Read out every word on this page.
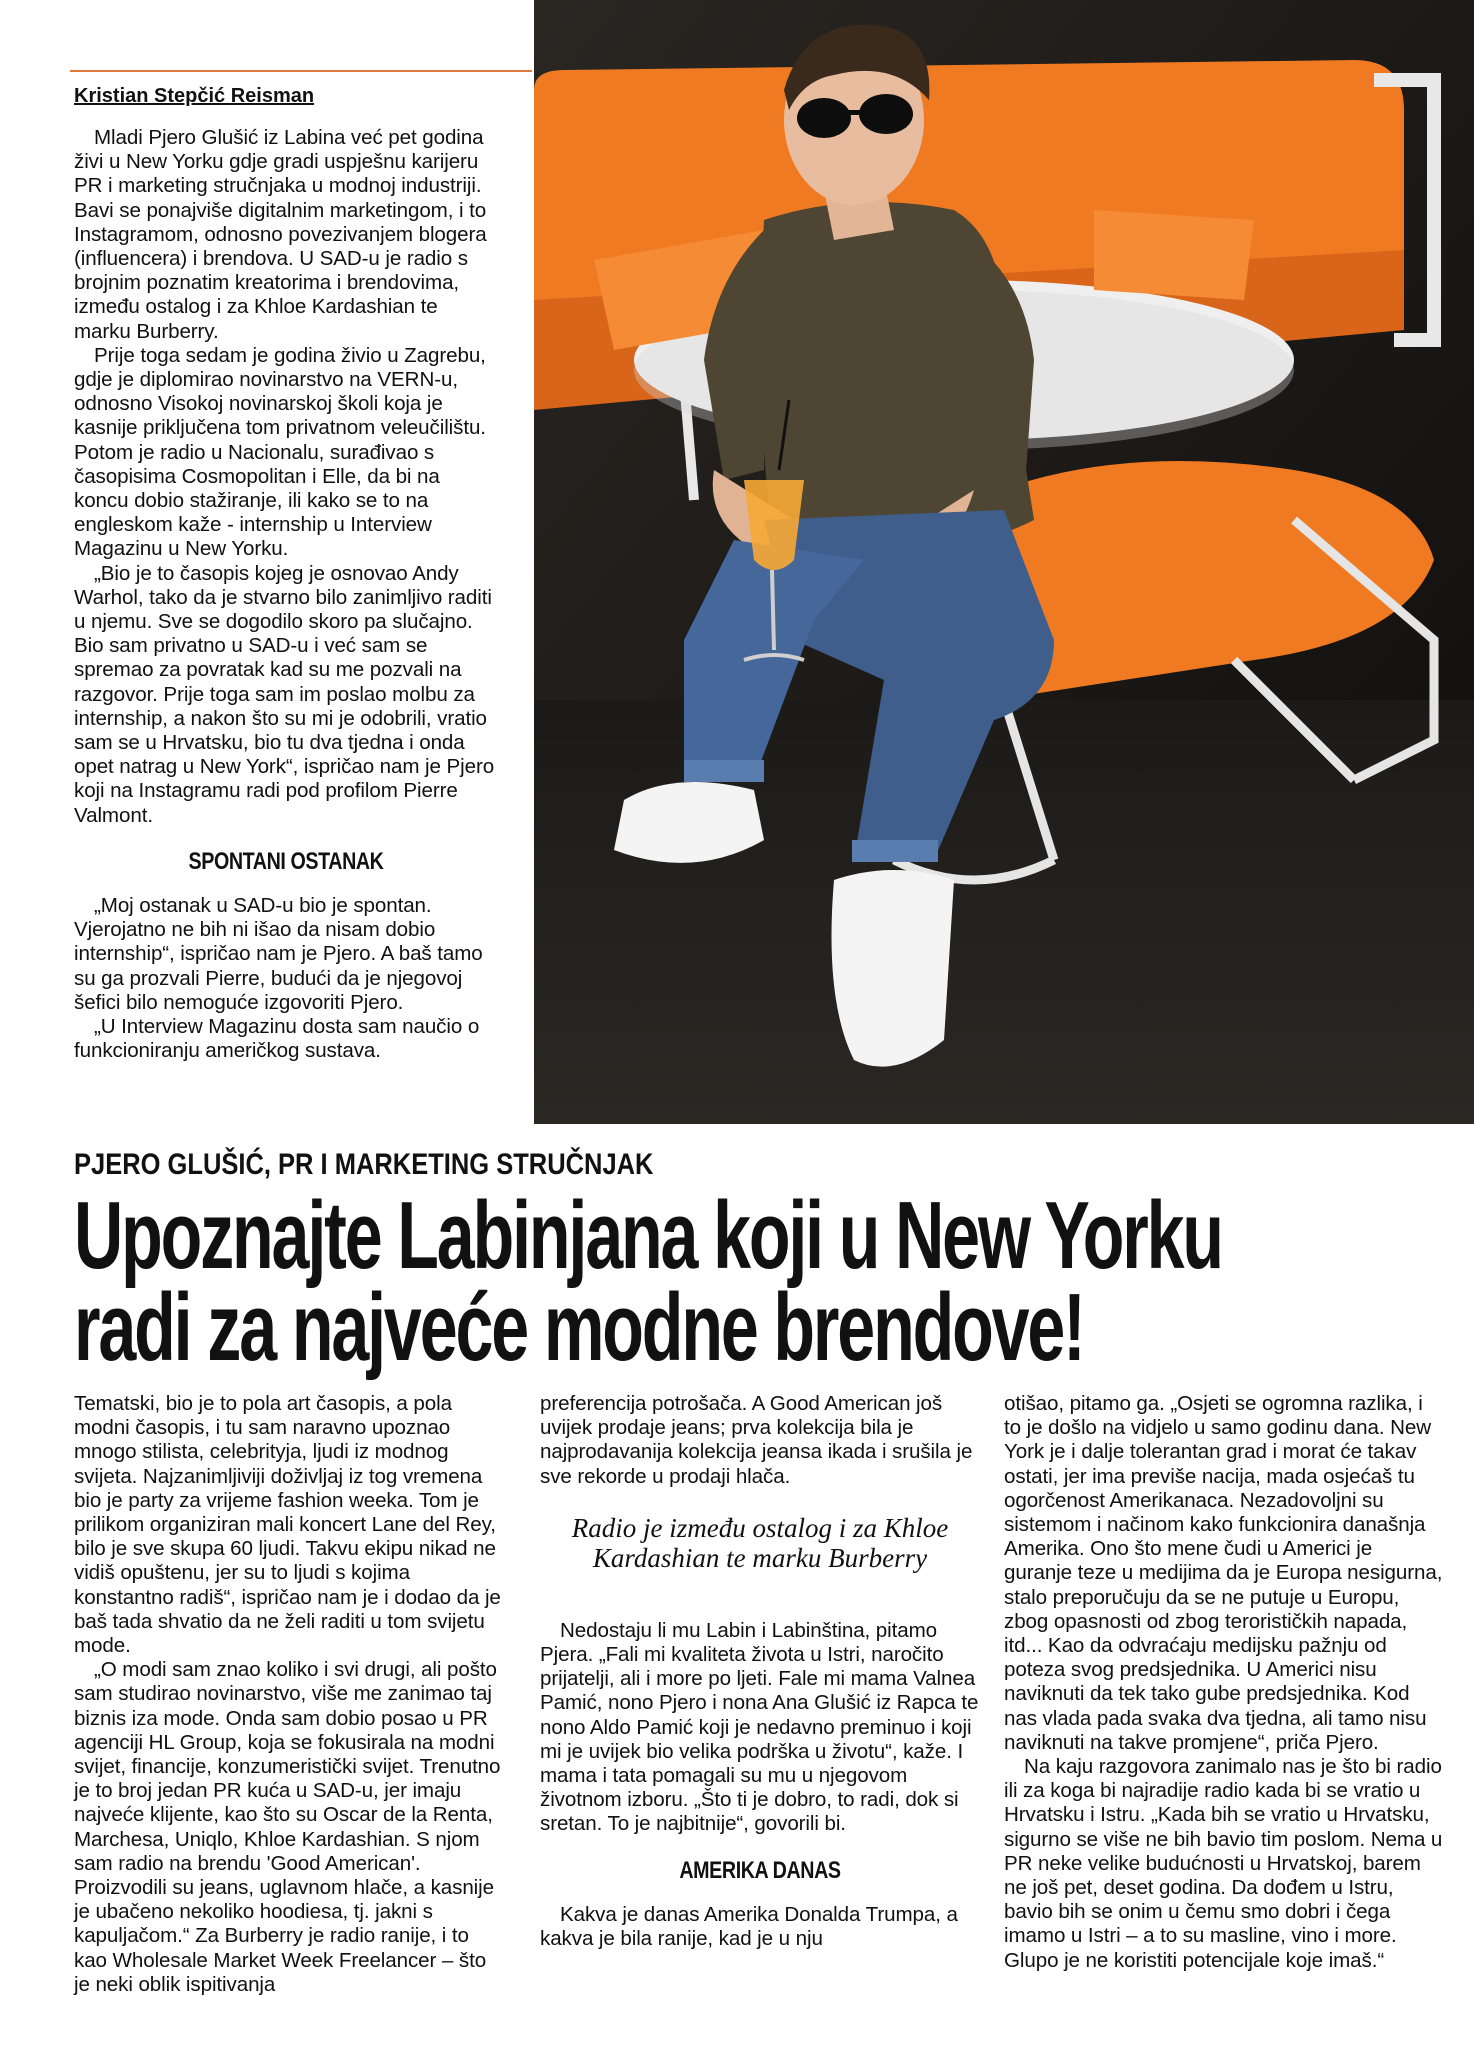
Kristian Stepčić Reisman

Mladi Pjero Glušić iz Labina već pet godina živi u New Yorku gdje gradi uspješnu karijeru PR i marketing stručnjaka u modnoj industriji. Bavi se ponajviše digitalnim marketingom, i to Instagramom, odnosno povezivanjem blogera (influencera) i brendova. U SAD-u je radio s brojnim poznatim kreatorima i brendovima, između ostalog i za Khloe Kardashian te marku Burberry.

Prije toga sedam je godina živio u Zagrebu, gdje je diplomirao novinarstvo na VERN-u, odnosno Visokoj novinarskoj školi koja je kasnije priključena tom privatnom veleučilištu. Potom je radio u Nacionalu, surađivao s časopisima Cosmopolitan i Elle, da bi na koncu dobio stažiranje, ili kako se to na engleskom kaže - internship u Interview Magazinu u New Yorku.

„Bio je to časopis kojeg je osnovao Andy Warhol, tako da je stvarno bilo zanimljivo raditi u njemu. Sve se dogodilo skoro pa slučajno. Bio sam privatno u SAD-u i već sam se spremao za povratak kad su me pozvali na razgovor. Prije toga sam im poslao molbu za internship, a nakon što su mi je odobrili, vratio sam se u Hrvatsku, bio tu dva tjedna i onda opet natrag u New York“, ispričao nam je Pjero koji na Instagramu radi pod profilom Pierre Valmont.

SPONTANI OSTANAK

„Moj ostanak u SAD-u bio je spontan. Vjerojatno ne bih ni išao da nisam dobio internship“, ispričao nam je Pjero. A baš tamo su ga prozvali Pierre, budući da je njegovoj šefici bilo nemoguće izgovoriti Pjero.

„U Interview Magazinu dosta sam naučio o funkcioniranju američkog sustava.

PJERO GLUŠIĆ, PR I MARKETING STRUČNJAK
Upoznajte Labinjana koji u New Yorku
radi za najveće modne brendove!

Tematski, bio je to pola art časopis, a pola modni časopis, i tu sam naravno upoznao mnogo stilista, celebrityja, ljudi iz modnog svijeta. Najzanimljiviji doživljaj iz tog vremena bio je party za vrijeme fashion weeka. Tom je prilikom organiziran mali koncert Lane del Rey, bilo je sve skupa 60 ljudi. Takvu ekipu nikad ne vidiš opuštenu, jer su to ljudi s kojima konstantno radiš“, ispričao nam je i dodao da je baš tada shvatio da ne želi raditi u tom svijetu mode.

„O modi sam znao koliko i svi drugi, ali pošto sam studirao novinarstvo, više me zanimao taj biznis iza mode. Onda sam dobio posao u PR agenciji HL Group, koja se fokusirala na modni svijet, financije, konzumeristički svijet. Trenutno je to broj jedan PR kuća u SAD-u, jer imaju najveće klijente, kao što su Oscar de la Renta, Marchesa, Uniqlo, Khloe Kardashian. S njom sam radio na brendu 'Good American'. Proizvodili su jeans, uglavnom hlače, a kasnije je ubačeno nekoliko hoodiesa, tj. jakni s kapuljačom.“ Za Burberry je radio ranije, i to kao Wholesale Market Week Freelancer – što je neki oblik ispitivanja

preferencija potrošača. A Good American još uvijek prodaje jeans; prva kolekcija bila je najprodavanija kolekcija jeansa ikada i srušila je sve rekorde u prodaji hlača.

Radio je između ostalog i za Khloe Kardashian te marku Burberry

Nedostaju li mu Labin i Labinština, pitamo Pjera. „Fali mi kvaliteta života u Istri, naročito prijatelji, ali i more po ljeti. Fale mi mama Valnea Pamić, nono Pjero i nona Ana Glušić iz Rapca te nono Aldo Pamić koji je nedavno preminuo i koji mi je uvijek bio velika podrška u životu“, kaže. I mama i tata pomagali su mu u njegovom životnom izboru. „Što ti je dobro, to radi, dok si sretan. To je najbitnije“, govorili bi.

AMERIKA DANAS

Kakva je danas Amerika Donalda Trumpa, a kakva je bila ranije, kad je u nju

otišao, pitamo ga. „Osjeti se ogromna razlika, i to je došlo na vidjelo u samo godinu dana. New York je i dalje tolerantan grad i morat će takav ostati, jer ima previše nacija, mada osjećaš tu ogorčenost Amerikanaca. Nezadovoljni su sistemom i načinom kako funkcionira današnja Amerika. Ono što mene čudi u Americi je guranje teze u medijima da je Europa nesigurna, stalo preporučuju da se ne putuje u Europu, zbog opasnosti od zbog terorističkih napada, itd... Kao da odvraćaju medijsku pažnju od poteza svog predsjednika. U Americi nisu naviknuti da tek tako gube predsjednika. Kod nas vlada pada svaka dva tjedna, ali tamo nisu naviknuti na takve promjene“, priča Pjero.

Na kaju razgovora zanimalo nas je što bi radio ili za koga bi najradije radio kada bi se vratio u Hrvatsku i Istru. „Kada bih se vratio u Hrvatsku, sigurno se više ne bih bavio tim poslom. Nema u PR neke velike budućnosti u Hrvatskoj, barem ne još pet, deset godina. Da dođem u Istru, bavio bih se onim u čemu smo dobri i čega imamo u Istri – a to su masline, vino i more. Glupo je ne koristiti potencijale koje imaš.“
